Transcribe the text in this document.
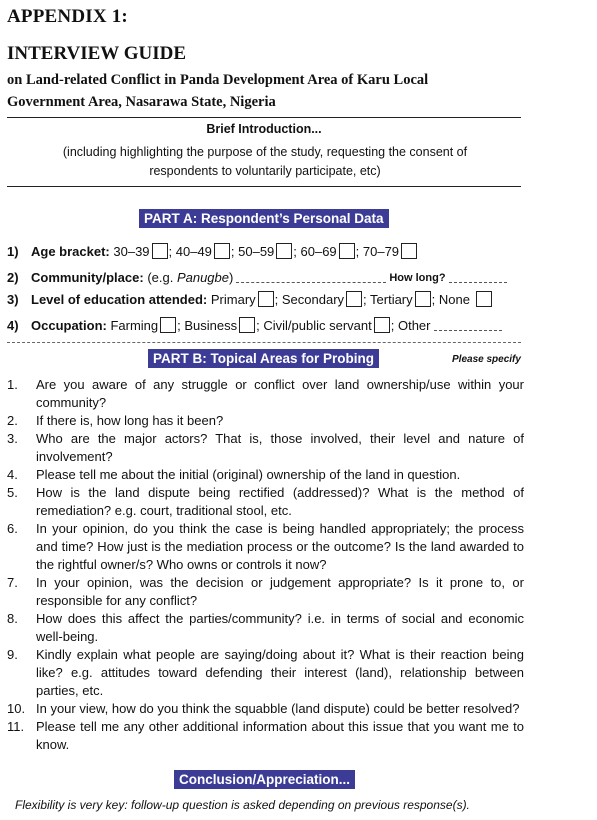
APPENDIX 1:
INTERVIEW GUIDE
on Land-related Conflict in Panda Development Area of Karu Local
Government Area, Nasarawa State, Nigeria
Brief Introduction...
(including highlighting the purpose of the study, requesting the consent of respondents to voluntarily participate, etc)
PART A: Respondent’s Personal Data
1) Age bracket:
30–39 ; 40–49 ; 50–59 ; 60–69 ; 70–79
2) Community/place:
(e.g. Panugbe)	How long?
3) Level of education attended:
Primary ; Secondary ; Tertiary ; None
4) Occupation:
Farming ; Business ; Civil/public servant ; Other
PART B: Topical Areas for Probing	Please specify
1.	Are you aware of any struggle or conflict over land ownership/use within your community?
2.	If there is, how long has it been?
3.	Who are the major actors? That is, those involved, their level and nature of involvement?
4.	Please tell me about the initial (original) ownership of the land in question.
5.	How is the land dispute being rectified (addressed)? What is the method of remediation? e.g. court, traditional stool, etc.
6.	In your opinion, do you think the case is being handled appropriately; the process and time? How just is the mediation process or the outcome? Is the land awarded to the rightful owner/s? Who owns or controls it now?
7.	In your opinion, was the decision or judgement appropriate? Is it prone to, or responsible for any conflict?
8.	How does this affect the parties/community? i.e. in terms of social and economic well-being.
9.	Kindly explain what people are saying/doing about it? What is their reaction being like? e.g. attitudes toward defending their interest (land), relationship between parties, etc.
10. In your view, how do you think the squabble (land dispute) could be better resolved?
11. Please tell me any other additional information about this issue that you want me to know.
Conclusion/Appreciation...
Flexibility is very key: follow-up question is asked depending on previous response(s).
